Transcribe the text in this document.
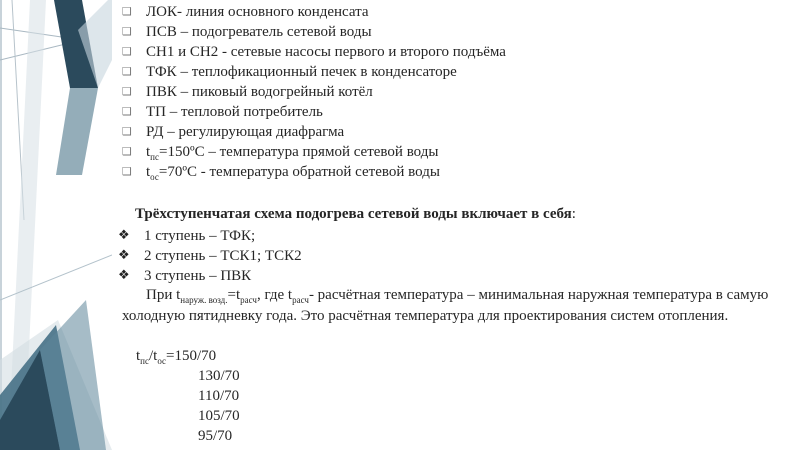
❑ ЛОК- линия основного конденсата
❑ ПСВ – подогреватель сетевой воды
❑ СН1 и СН2 - сетевые насосы первого и второго подъёма
❑ ТФК – теплофикационный печек в конденсаторе
❑ ПВК – пиковый водогрейный котёл
❑ ТП – тепловой потребитель
❑ РД – регулирующая диафрагма
❑ $t_{пс}=150ºС$ – температура прямой сетевой воды
❑ $t_{ос}=70ºС$ - температура обратной сетевой воды
Трёхступенчатая схема подогрева сетевой воды включает в себя:
❖ 1 ступень – ТФК;
❖ 2 ступень – ТСК1; ТСК2
❖ 3 ступень – ПВК
При $t_{наруж. возд.}=t_{расч}$, где $t_{расч}-$ расчётная температура – минимальная наружная температура в самую холодную пятидневку года. Это расчётная температура для проектирования систем отопления.
$t_{пс}/t_{ос}=150/70$
130/70
110/70
105/70
95/70
